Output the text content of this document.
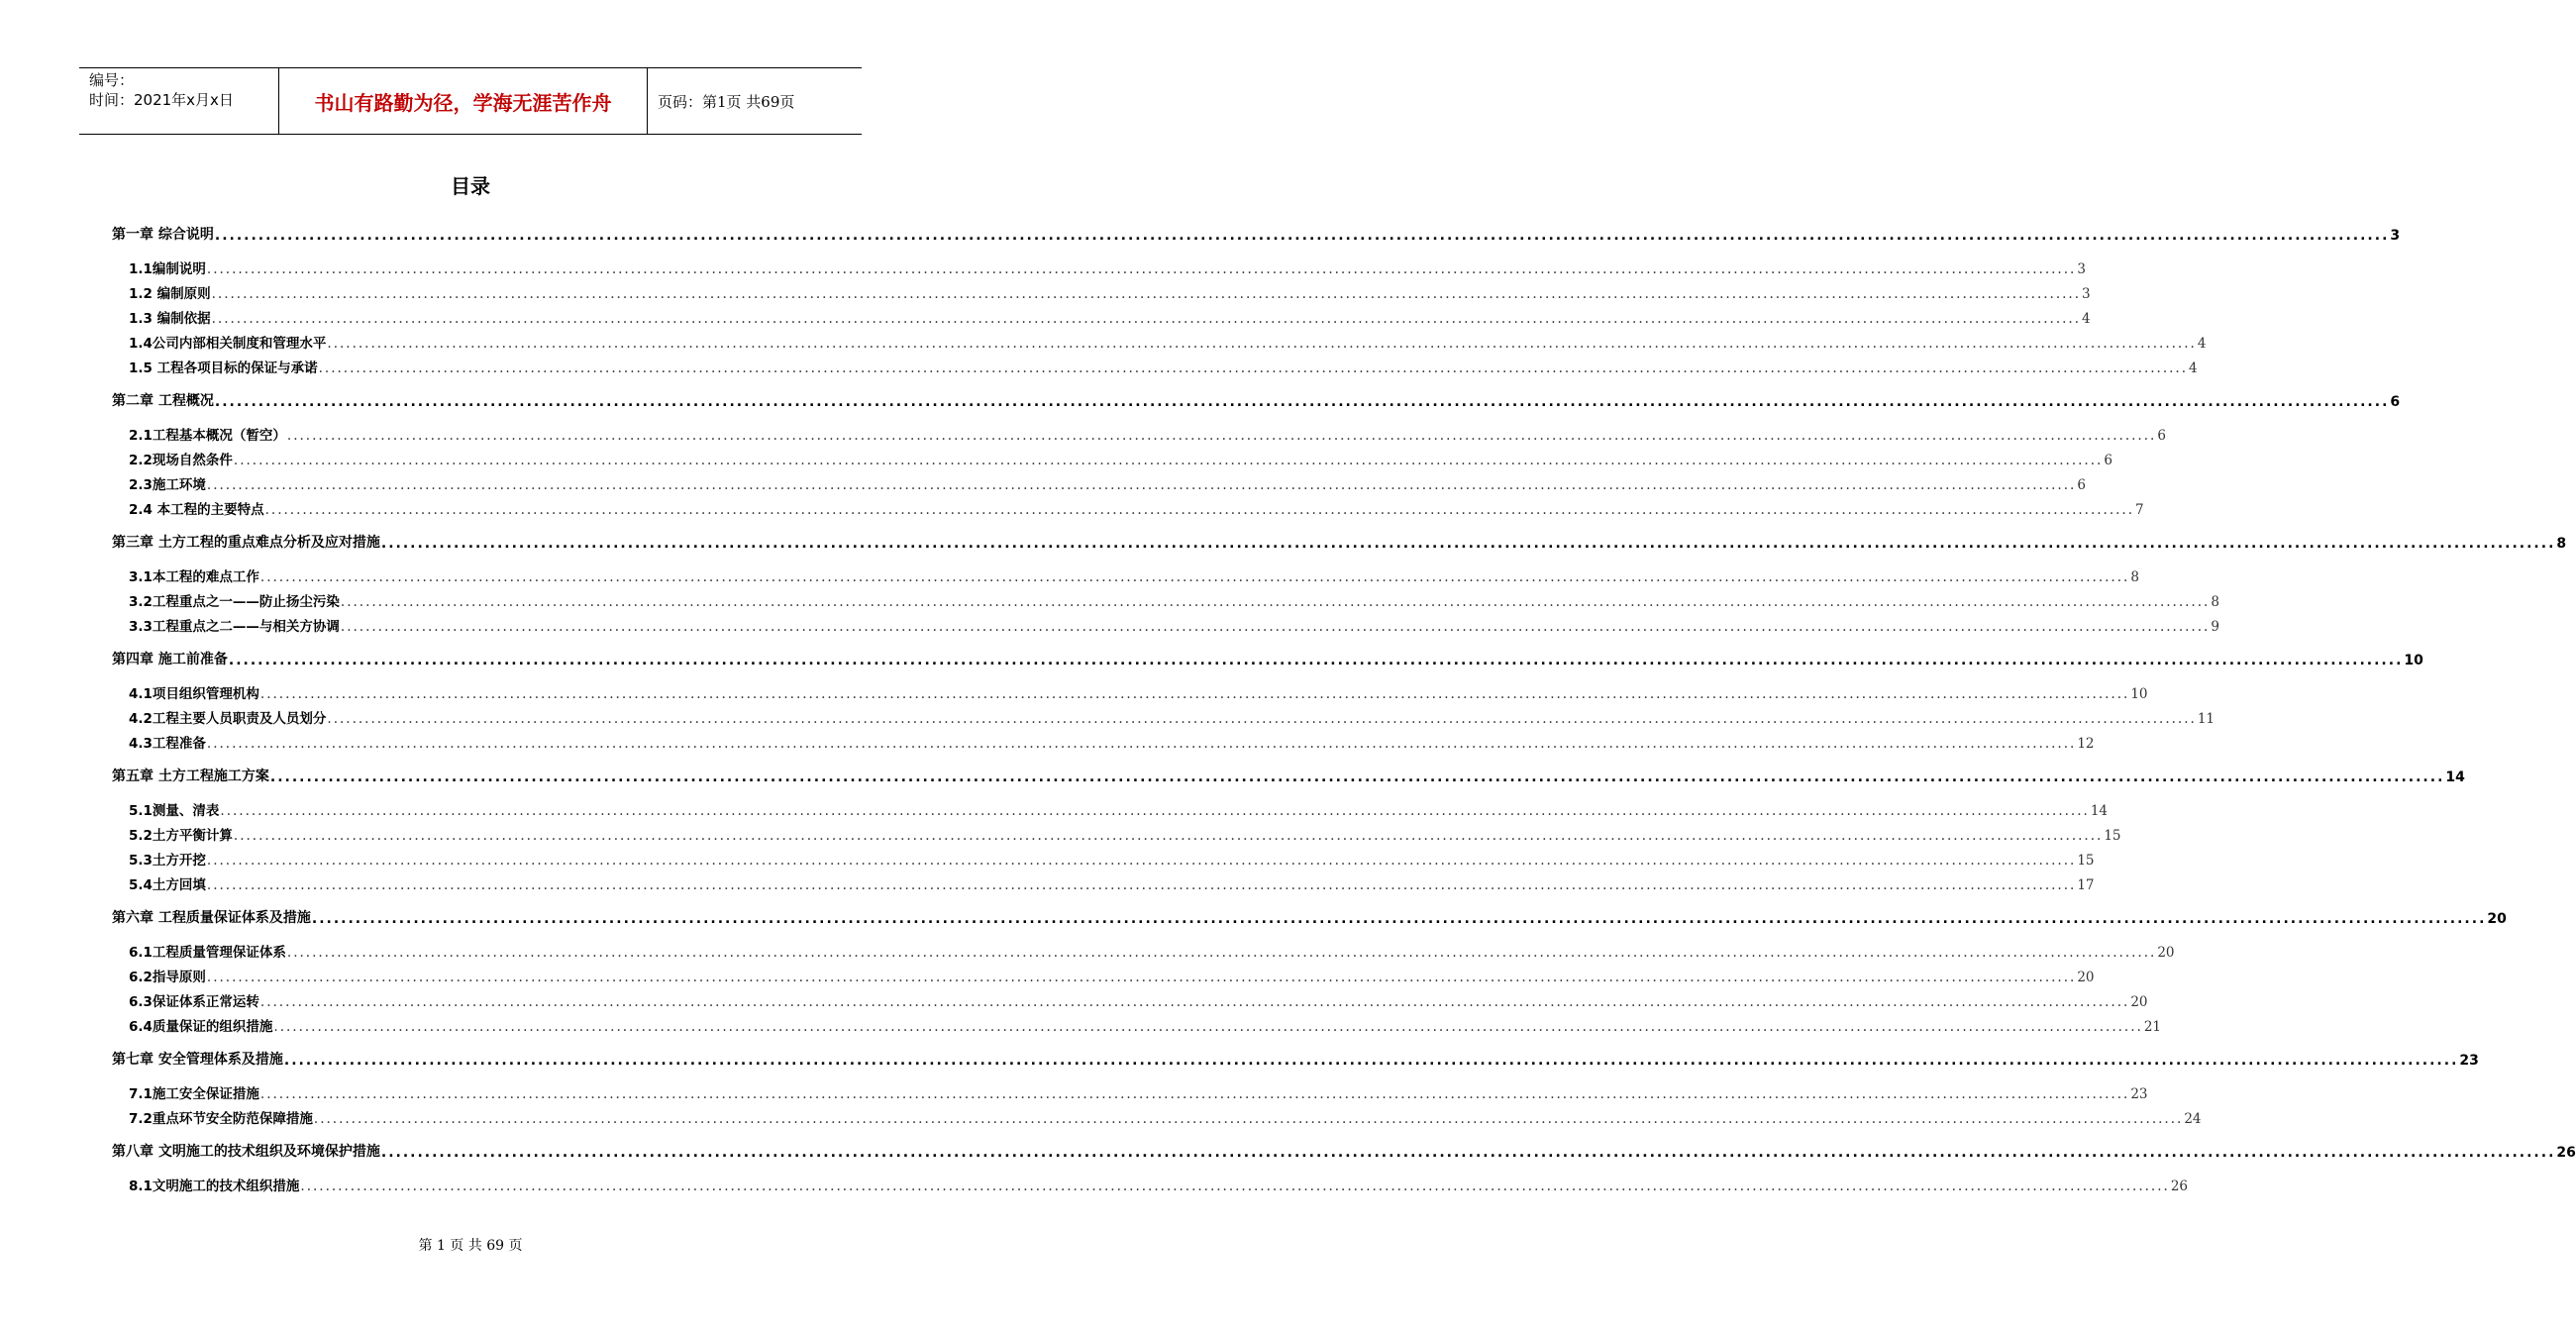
编号：
时间：2021年x月x日	书山有路勤为径，学海无涯苦作舟	页码：第1页 共69页
目录
第一章 综合说明 ............................................................................................................................................................................................................................................................................................................ 3
1.1编制说明 ............................................................................................................................................................................................................................................................................................................ 3
1.2 编制原则 ............................................................................................................................................................................................................................................................................................................ 3
1.3 编制依据 ............................................................................................................................................................................................................................................................................................................ 4
1.4公司内部相关制度和管理水平 ............................................................................................................................................................................................................................................................................................................ 4
1.5 工程各项目标的保证与承诺 ............................................................................................................................................................................................................................................................................................................ 4
第二章 工程概况 ............................................................................................................................................................................................................................................................................................................ 6
2.1工程基本概况（暂空） ............................................................................................................................................................................................................................................................................................................ 6
2.2现场自然条件 ............................................................................................................................................................................................................................................................................................................ 6
2.3施工环境 ............................................................................................................................................................................................................................................................................................................ 6
2.4 本工程的主要特点 ............................................................................................................................................................................................................................................................................................................ 7
第三章 土方工程的重点难点分析及应对措施 ............................................................................................................................................................................................................................................................................................................ 8
3.1本工程的难点工作 ............................................................................................................................................................................................................................................................................................................ 8
3.2工程重点之一——防止扬尘污染 ............................................................................................................................................................................................................................................................................................................ 8
3.3工程重点之二——与相关方协调 ............................................................................................................................................................................................................................................................................................................ 9
第四章 施工前准备 ............................................................................................................................................................................................................................................................................................................ 10
4.1项目组织管理机构 ............................................................................................................................................................................................................................................................................................................ 10
4.2工程主要人员职责及人员划分 ............................................................................................................................................................................................................................................................................................................ 11
4.3工程准备 ............................................................................................................................................................................................................................................................................................................ 12
第五章 土方工程施工方案 ............................................................................................................................................................................................................................................................................................................ 14
5.1测量、清表 ............................................................................................................................................................................................................................................................................................................ 14
5.2土方平衡计算 ............................................................................................................................................................................................................................................................................................................ 15
5.3土方开挖 ............................................................................................................................................................................................................................................................................................................ 15
5.4土方回填 ............................................................................................................................................................................................................................................................................................................ 17
第六章 工程质量保证体系及措施 ............................................................................................................................................................................................................................................................................................................ 20
6.1工程质量管理保证体系 ............................................................................................................................................................................................................................................................................................................ 20
6.2指导原则 ............................................................................................................................................................................................................................................................................................................ 20
6.3保证体系正常运转 ............................................................................................................................................................................................................................................................................................................ 20
6.4质量保证的组织措施 ............................................................................................................................................................................................................................................................................................................ 21
第七章 安全管理体系及措施 ............................................................................................................................................................................................................................................................................................................ 23
7.1施工安全保证措施 ............................................................................................................................................................................................................................................................................................................ 23
7.2重点环节安全防范保障措施 ............................................................................................................................................................................................................................................................................................................ 24
第八章 文明施工的技术组织及环境保护措施 ............................................................................................................................................................................................................................................................................................................ 26
8.1文明施工的技术组织措施 ............................................................................................................................................................................................................................................................................................................ 26
第 1 页 共 69 页
